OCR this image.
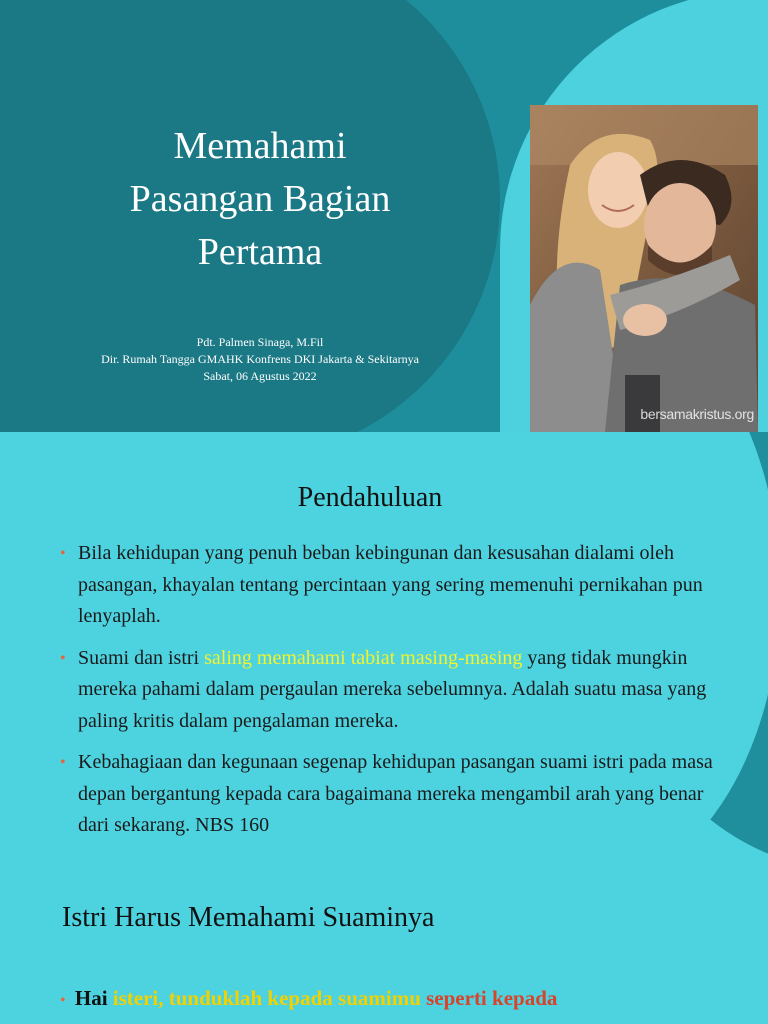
Memahami
Pasangan Bagian
Pertama
Pdt. Palmen Sinaga, M.Fil
Dir. Rumah Tangga GMAHK Konfrens DKI Jakarta & Sekitarnya
Sabat, 06 Agustus 2022
bersamakristus.org
Pendahuluan
• Bila kehidupan yang penuh beban kebingunan dan kesusahan dialami oleh pasangan, khayalan tentang percintaan yang sering memenuhi pernikahan pun lenyaplah.
• Suami dan istri saling memahami tabiat masing-masing yang tidak mungkin mereka pahami dalam pergaulan mereka sebelumnya. Adalah suatu masa yang paling kritis dalam pengalaman mereka.
• Kebahagiaan dan kegunaan segenap kehidupan pasangan suami istri pada masa depan bergantung kepada cara bagaimana mereka mengambil arah yang benar dari sekarang. NBS 160
Istri Harus Memahami Suaminya
• Hai isteri, tunduklah kepada suamimu seperti kepada
